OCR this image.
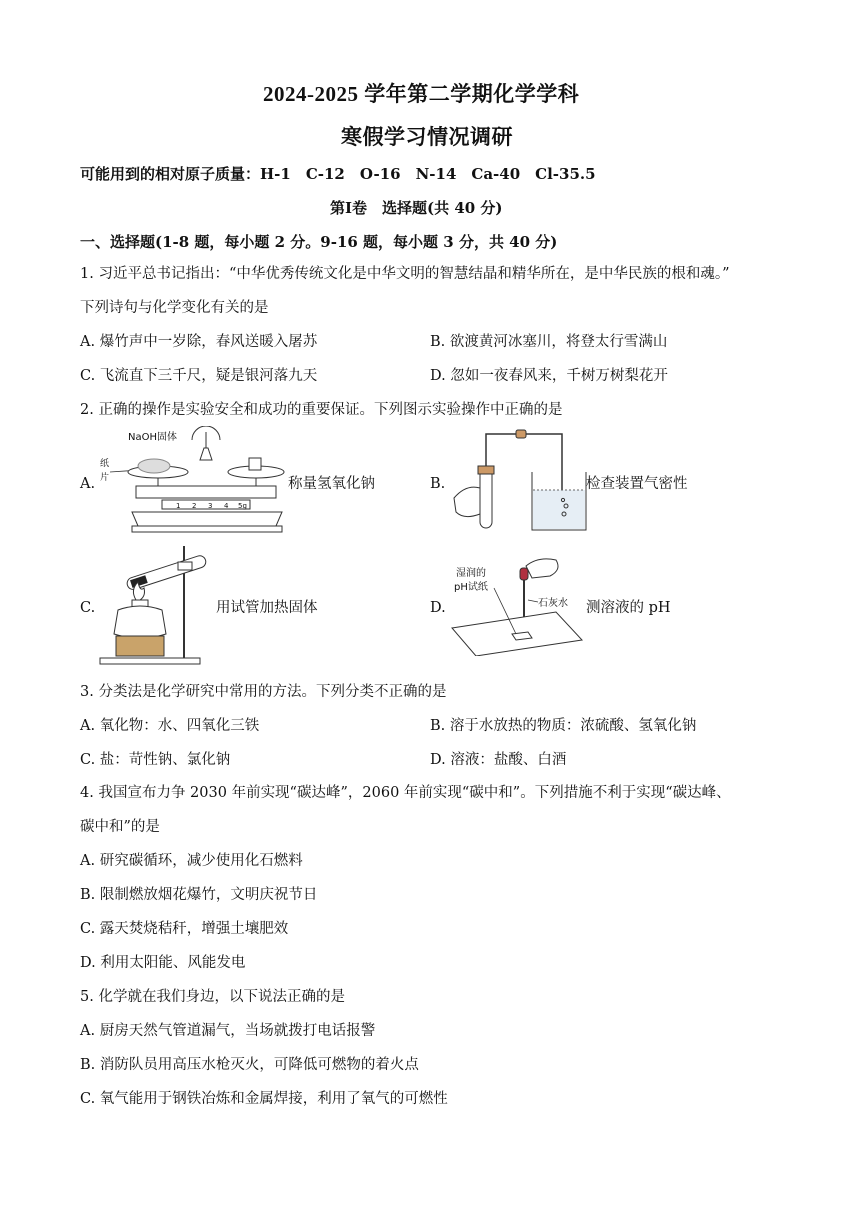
2024-2025 学年第二学期化学学科
寒假学习情况调研
可能用到的相对原子质量：H-1　C-12　O-16　N-14　Ca-40　Cl-35.5
第Ⅰ卷　选择题(共 40 分)
一、选择题(1-8 题，每小题 2 分。9-16 题，每小题 3 分，共 40 分)
1. 习近平总书记指出：“中华优秀传统文化是中华文明的智慧结晶和精华所在，是中华民族的根和魂。”
下列诗句与化学变化有关的是
A. 爆竹声中一岁除，春风送暖入屠苏	B. 欲渡黄河冰塞川，将登太行雪满山
C. 飞流直下三千尺，疑是银河落九天	D. 忽如一夜春风来，千树万树梨花开
2. 正确的操作是实验安全和成功的重要保证。下列图示实验操作中正确的是
A.
NaOH固体
纸
片
1 2 3 4 5g
称量氢氧化钠	B.	检查装置气密性
C.	用试管加热固体	D.
湿润的
pH试纸
石灰水 测溶液的 pH
3. 分类法是化学研究中常用的方法。下列分类不正确的是
A. 氧化物：水、四氧化三铁	B. 溶于水放热的物质：浓硫酸、氢氧化钠
C. 盐：苛性钠、氯化钠	D. 溶液：盐酸、白酒
4. 我国宣布力争 2030 年前实现“碳达峰”，2060 年前实现“碳中和”。下列措施不利于实现“碳达峰、
碳中和”的是
A. 研究碳循环，减少使用化石燃料
B. 限制燃放烟花爆竹，文明庆祝节日
C. 露天焚烧秸秆，增强土壤肥效
D. 利用太阳能、风能发电
5. 化学就在我们身边，以下说法正确的是
A. 厨房天然气管道漏气，当场就拨打电话报警
B. 消防队员用高压水枪灭火，可降低可燃物的着火点
C. 氧气能用于钢铁冶炼和金属焊接，利用了氧气的可燃性
